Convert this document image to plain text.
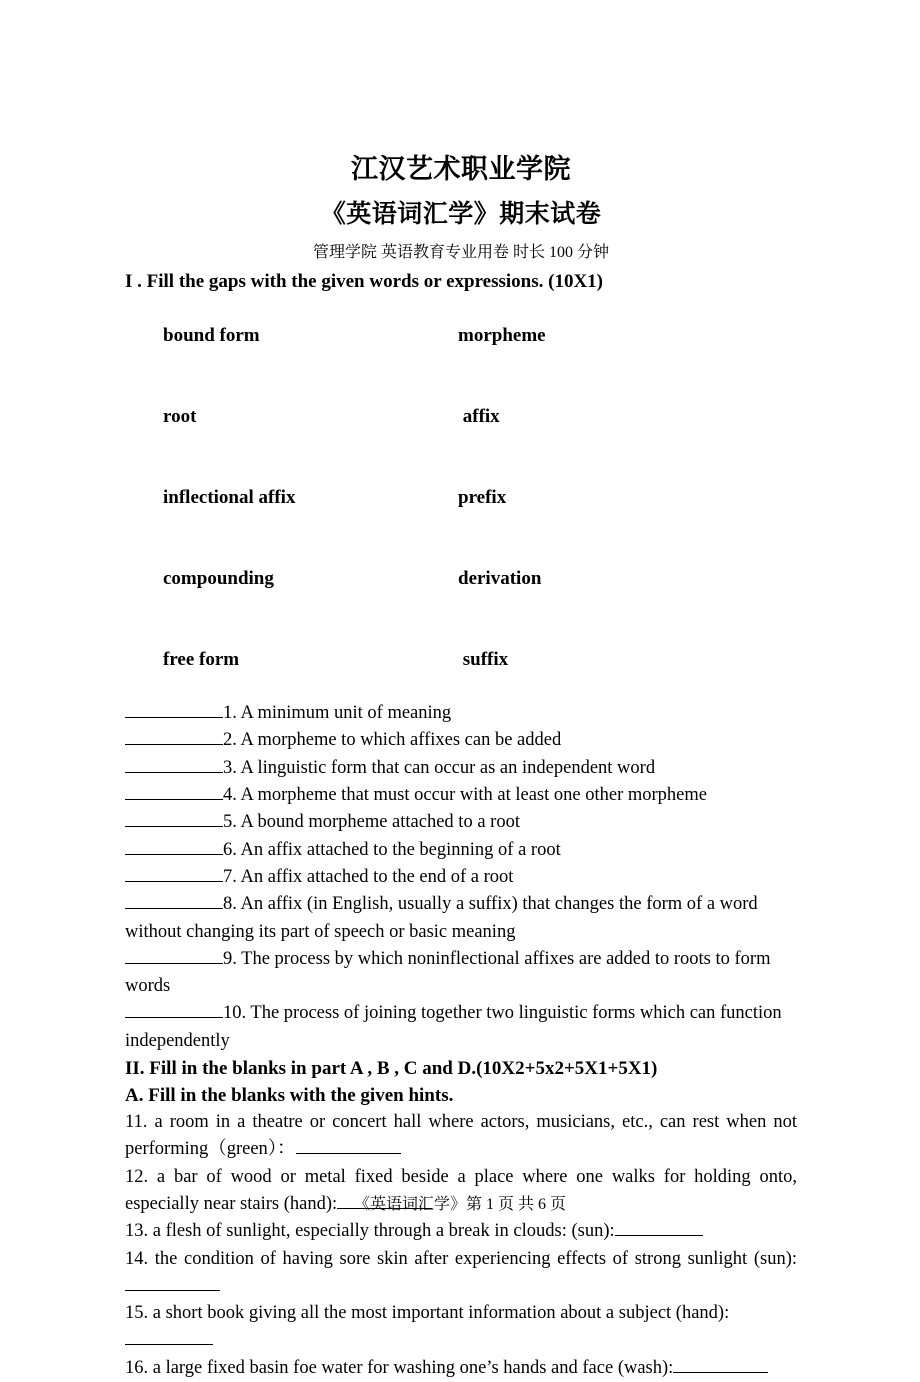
江汉艺术职业学院
《英语词汇学》期末试卷
管理学院 英语教育专业用卷 时长 100 分钟
I . Fill the gaps with the given words or expressions. (10X1)

bound form	morpheme

root	affix

inflectional affix	prefix

compounding	derivation

free form	suffix

1. A minimum unit of meaning
2. A morpheme to which affixes can be added
3. A linguistic form that can occur as an independent word
4. A morpheme that must occur with at least one other morpheme
5. A bound morpheme attached to a root
6. An affix attached to the beginning of a root
7. An affix attached to the end of a root
8. An affix (in English, usually a suffix) that changes the form of a word without changing its part of speech or basic meaning
9. The process by which noninflectional affixes are added to roots to form words
10. The process of joining together two linguistic forms which can function independently
II. Fill in the blanks in part A , B , C and D.(10X2+5x2+5X1+5X1)
A. Fill in the blanks with the given hints.
11. a room in a theatre or concert hall where actors, musicians, etc., can rest when not performing（green）：
12. a bar of wood or metal fixed beside a place where one walks for holding onto, especially near stairs (hand):
13. a flesh of sunlight, especially through a break in clouds: (sun):
14. the condition of having sore skin after experiencing effects of strong sunlight (sun):
15. a short book giving all the most important information about a subject (hand):
16. a large fixed basin foe water for washing one’s hands and face (wash):
《英语词汇学》第 1 页 共 6 页
